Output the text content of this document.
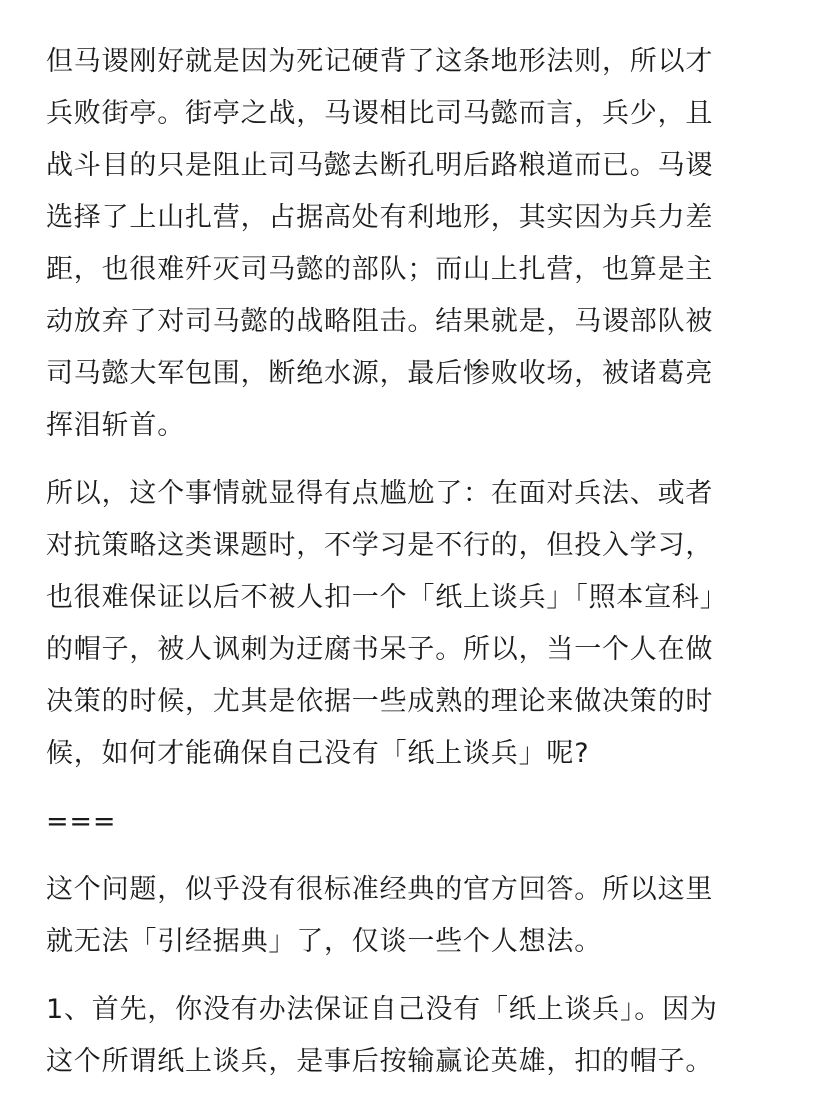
但马谡刚好就是因为死记硬背了这条地形法则，所以才
兵败街亭。街亭之战，马谡相比司马懿而言，兵少，且
战斗目的只是阻止司马懿去断孔明后路粮道而已。马谡
选择了上山扎营，占据高处有利地形，其实因为兵力差
距，也很难歼灭司马懿的部队；而山上扎营，也算是主
动放弃了对司马懿的战略阻击。结果就是，马谡部队被
司马懿大军包围，断绝水源，最后惨败收场，被诸葛亮
挥泪斩首。
所以，这个事情就显得有点尴尬了：在面对兵法、或者
对抗策略这类课题时，不学习是不行的，但投入学习，
也很难保证以后不被人扣一个「纸上谈兵」「照本宣科」
的帽子，被人讽刺为迂腐书呆子。所以，当一个人在做
决策的时候，尤其是依据一些成熟的理论来做决策的时
候，如何才能确保自己没有「纸上谈兵」呢?
===
这个问题，似乎没有很标准经典的官方回答。所以这里
就无法「引经据典」了，仅谈一些个人想法。
1、首先，你没有办法保证自己没有「纸上谈兵」。因为
这个所谓纸上谈兵，是事后按输赢论英雄，扣的帽子。
